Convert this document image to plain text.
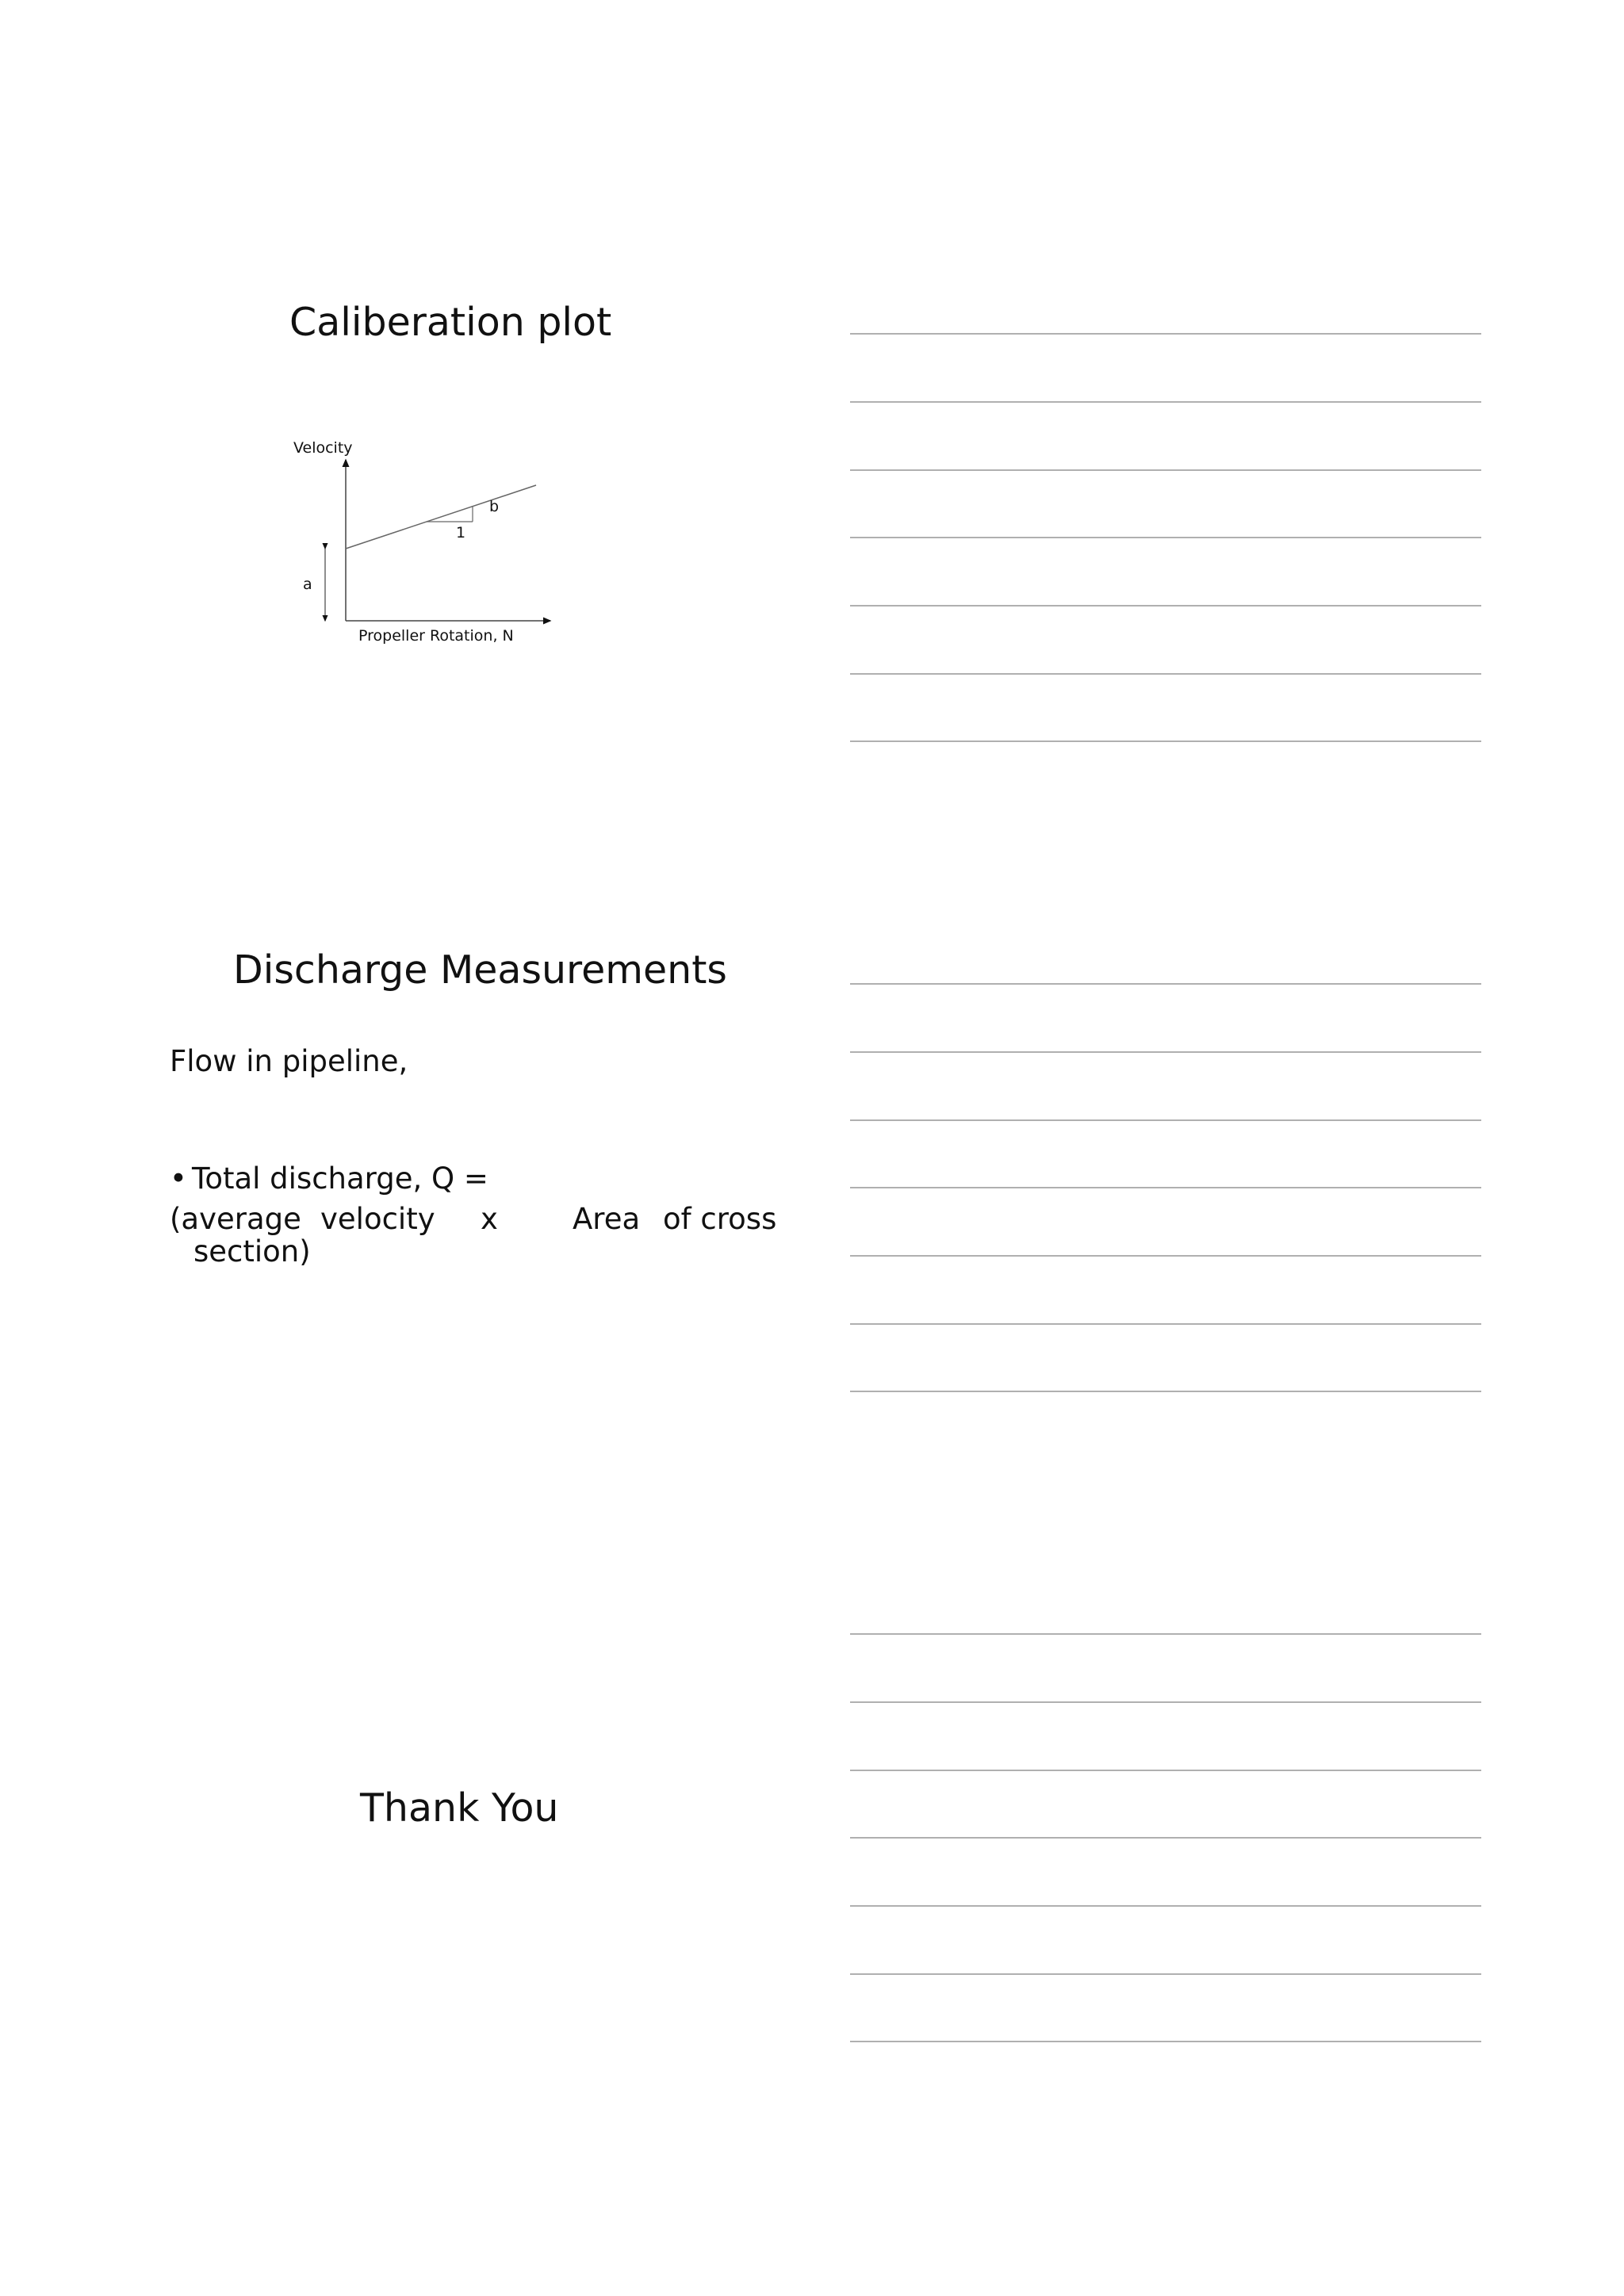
Caliberation plot
Velocity
Propeller Rotation, N
a
b
1
Discharge Measurements
Flow in pipeline,
• Total discharge, Q =
(average velocity x	Area of cross
section)
Thank You
